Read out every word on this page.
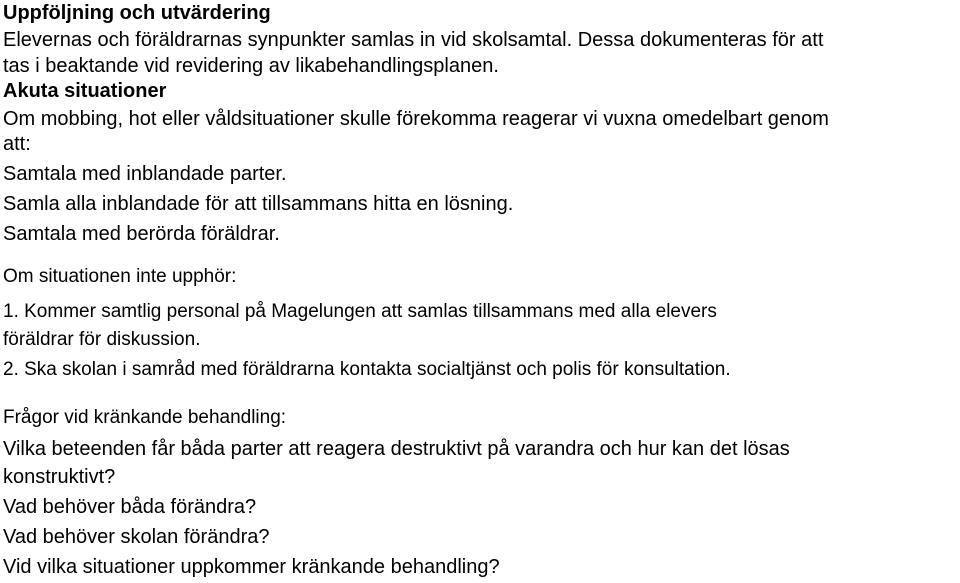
Uppföljning och utvärdering
Elevernas och föräldrarnas synpunkter samlas in vid skolsamtal. Dessa dokumenteras för att
tas i beaktande vid revidering av likabehandlingsplanen.
Akuta situationer
Om mobbing, hot eller våldsituationer skulle förekomma reagerar vi vuxna omedelbart genom
att:
Samtala med inblandade parter.
Samla alla inblandade för att tillsammans hitta en lösning.
Samtala med berörda föräldrar.
Om situationen inte upphör:
1. Kommer samtlig personal på Magelungen att samlas tillsammans med alla elevers
föräldrar för diskussion.
2. Ska skolan i samråd med föräldrarna kontakta socialtjänst och polis för konsultation.
Frågor vid kränkande behandling:
Vilka beteenden får båda parter att reagera destruktivt på varandra och hur kan det lösas
konstruktivt?
Vad behöver båda förändra?
Vad behöver skolan förändra?
Vid vilka situationer uppkommer kränkande behandling?
